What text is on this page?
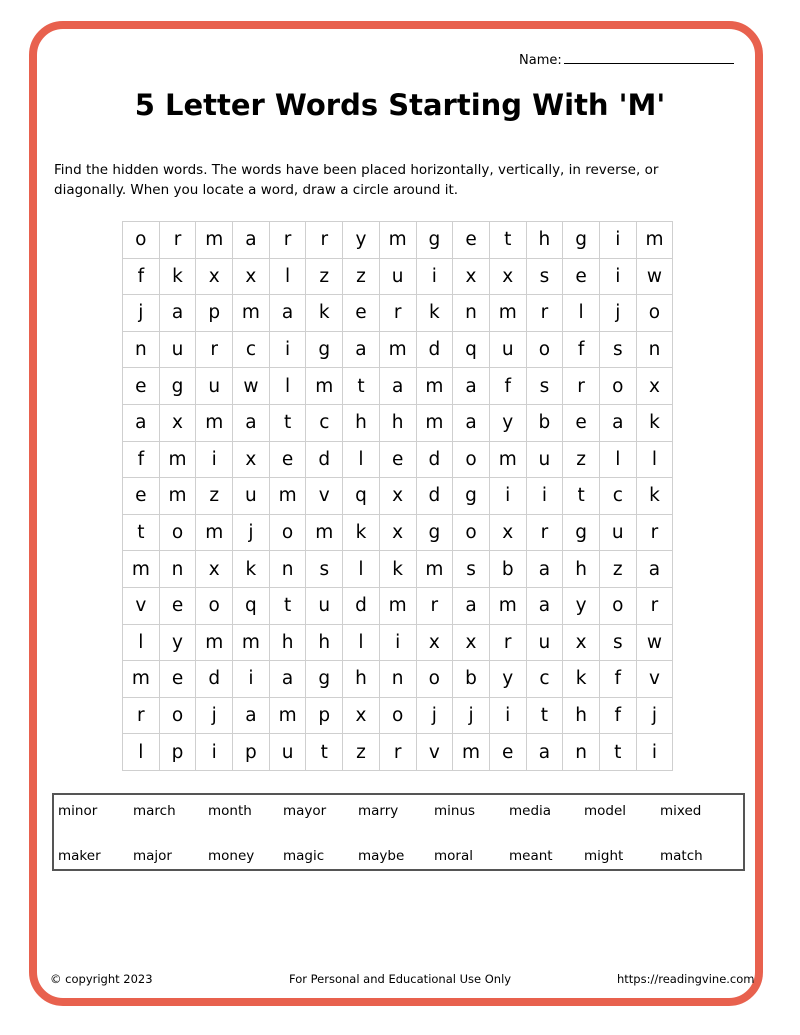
Name:
5 Letter Words Starting With 'M'
Find the hidden words. The words have been placed horizontally, vertically, in reverse, or diagonally. When you locate a word, draw a circle around it.
o	r	m	a	r	r	y	m	g	e	t	h	g	i	m
f	k	x	x	l	z	z	u	i	x	x	s	e	i	w
j	a	p	m	a	k	e	r	k	n	m	r	l	j	o
n	u	r	c	i	g	a	m	d	q	u	o	f	s	n
e	g	u	w	l	m	t	a	m	a	f	s	r	o	x
a	x	m	a	t	c	h	h	m	a	y	b	e	a	k
f	m	i	x	e	d	l	e	d	o	m	u	z	l	l
e	m	z	u	m	v	q	x	d	g	i	i	t	c	k
t	o	m	j	o	m	k	x	g	o	x	r	g	u	r
m	n	x	k	n	s	l	k	m	s	b	a	h	z	a
v	e	o	q	t	u	d	m	r	a	m	a	y	o	r
l	y	m	m	h	h	l	i	x	x	r	u	x	s	w
m	e	d	i	a	g	h	n	o	b	y	c	k	f	v
r	o	j	a	m	p	x	o	j	j	i	t	h	f	j
l	p	i	p	u	t	z	r	v	m	e	a	n	t	i
minor	march month mayor marry	minus	media model	mixed
maker major	money magic	maybe moral	meant might	match
© copyright 2023	For Personal and Educational Use Only	https://readingvine.com
